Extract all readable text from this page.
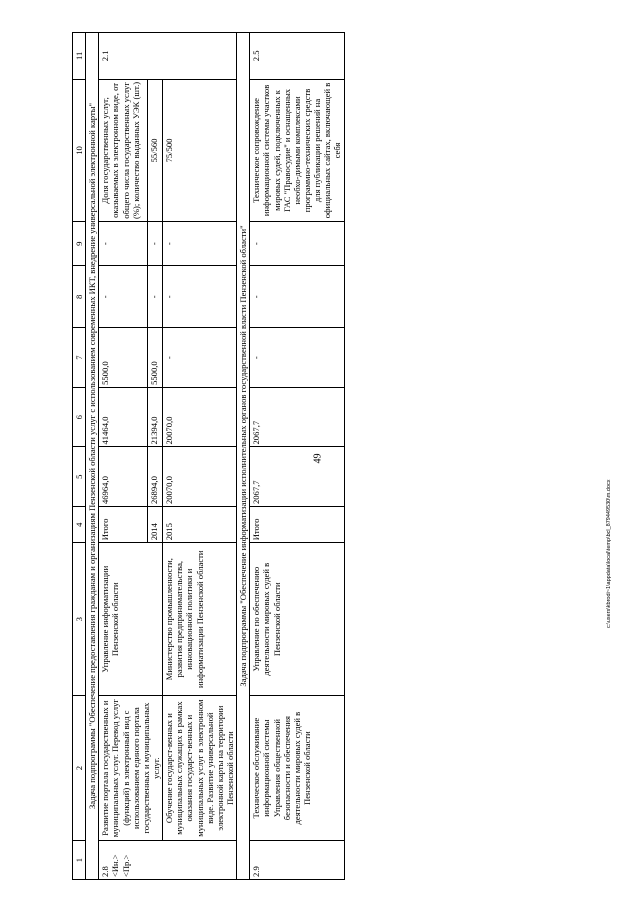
49
c:\users\kbrodi~1\appdata\local\temp\bcl_879449530\m.docx
1	2	3	4	5	6	7	8	9	10	11
Задача подпрограммы "Обеспечение предоставления гражданам и организациям Пензенской области услуг с использованием современных ИКТ, внедрение универсальной электронной карты"										
2.8 <Ин.> <Пр.>	Развитие портала государственных и муниципальных услуг. Перевод услуг (функций) в электронный вид с использованием единого портала государственных и муниципальных услуг.	Управление информатизации Пензенской области	Итого	46964,0	41464,0	5500,0	-	-	Доля государственных услуг, оказываемых в электронном виде, от общего числа государственных услуг (%); количество выданных УЭК (шт.)	2.1
			2014	26894,0	21394,0	5500,0	-	-	55/560	
	Обучение государст-венных и муниципальных служащих в рамках оказания государст-венных и муниципальных услуг в электронном виде. Развитие универсальной электронной карты на территории Пензенской области	Министерство промышленности, развития предпринимательства, инновационной политики и информатизации Пензенской области	2015	20070,0	20070,0	-	-	-	75/500	
Задача подпрограммы "Обеспечение информатизации исполнительных органов государственной власти Пензенской области"										
2.9	Техническое обслуживание информационной системы Управления общественной безопасности и обеспечения деятельности мировых судей в Пензенской области	Управление по обеспечению деятельности мировых судей в Пензенской области	Итого	2067,7	2067,7	-	-	-	Техническое сопровождение информационной системы участков мировых судей, подключенных к ГАС "Правосудие" и оснащенных необхо-димыми комплексами программно-технических средств для публикации решений на официальных сайтах, включающей в себя	2.5
